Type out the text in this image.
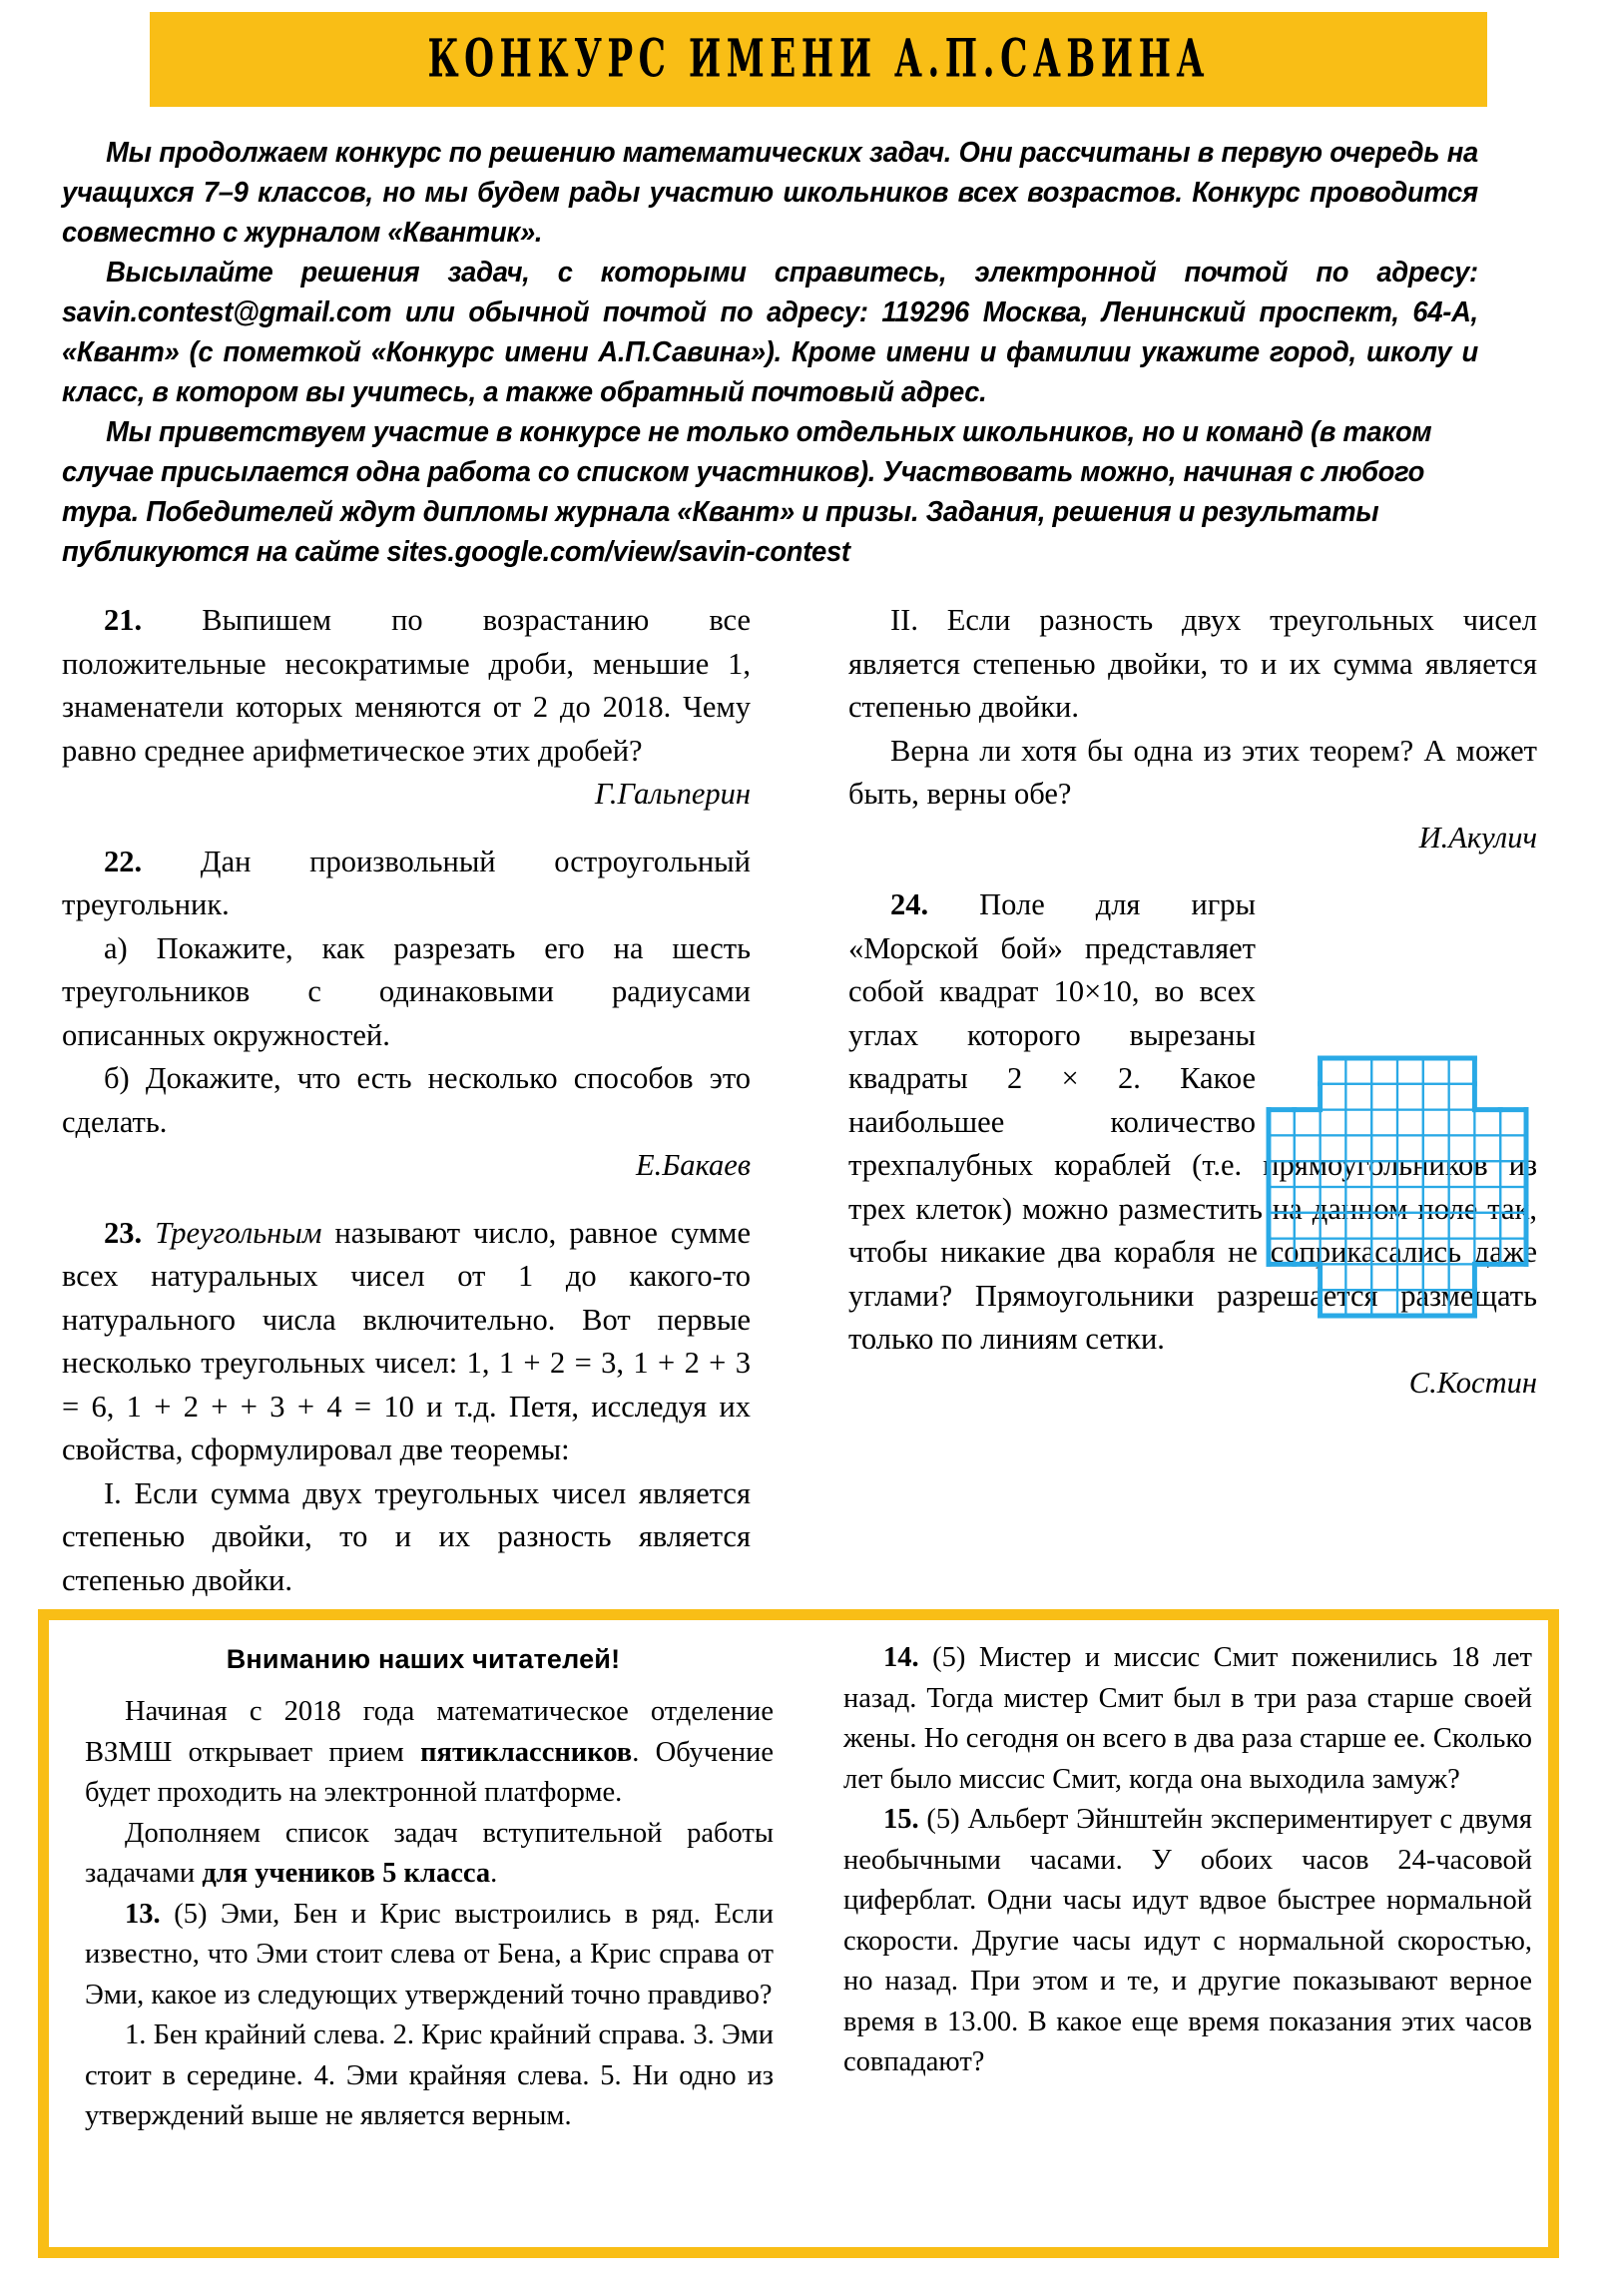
КОНКУРС ИМЕНИ А.П.САВИНА

Мы продолжаем конкурс по решению математических задач. Они рассчитаны в первую очередь на учащихся 7–9 классов, но мы будем рады участию школьников всех возрастов. Конкурс проводится совместно с журналом «Квантик».

Высылайте решения задач, с которыми справитесь, электронной почтой по адресу: savin.contest@gmail.com или обычной почтой по адресу: 119296 Москва, Ленинский проспект, 64-А, «Квант» (с пометкой «Конкурс имени А.П.Савина»). Кроме имени и фамилии укажите город, школу и класс, в котором вы учитесь, а также обратный почтовый адрес.

Мы приветствуем участие в конкурсе не только отдельных школьников, но и команд (в таком случае присылается одна работа со списком участников). Участвовать можно, начиная с любого тура. Победителей ждут дипломы журнала «Квант» и призы. Задания, решения и результаты публикуются на сайте sites.google.com/view/savin-contest

21. Выпишем по возрастанию все положительные несократимые дроби, меньшие 1, знаменатели которых меняются от 2 до 2018. Чему равно среднее арифметическое этих дробей?

Г.Гальперин

22. Дан произвольный остроугольный треугольник.

а) Покажите, как разрезать его на шесть треугольников с одинаковыми радиусами описанных окружностей.

б) Докажите, что есть несколько способов это сделать.

Е.Бакаев

23. Треугольным называют число, равное сумме всех натуральных чисел от 1 до какого-то натурального числа включительно. Вот первые несколько треугольных чисел: 1, 1 + 2 = 3, 1 + 2 + 3 = 6, 1 + 2 + + 3 + 4 = 10 и т.д. Петя, исследуя их свойства, сформулировал две теоремы:

I. Если сумма двух треугольных чисел является степенью двойки, то и их разность является степенью двойки.

II. Если разность двух треугольных чисел является степенью двойки, то и их сумма является степенью двойки.

Верна ли хотя бы одна из этих теорем? А может быть, верны обе?

И.Акулич

24. Поле для игры «Морской бой» представляет собой квадрат 10×10, во всех углах которого вырезаны квадраты 2 × 2. Какое наибольшее количество трехпалубных кораблей (т.е. прямоугольников из трех клеток) можно разместить на данном поле так, чтобы никакие два корабля не соприкасались даже углами? Прямоугольники разрешается размещать только по линиям сетки.

С.Костин

Вниманию наших читателей!

Начиная с 2018 года математическое отделение ВЗМШ открывает прием пятиклассников. Обучение будет проходить на электронной платформе.

Дополняем список задач вступительной работы задачами для учеников 5 класса.

13. (5) Эми, Бен и Крис выстроились в ряд. Если известно, что Эми стоит слева от Бена, а Крис справа от Эми, какое из следующих утверждений точно правдиво?

1. Бен крайний слева. 2. Крис крайний справа. 3. Эми стоит в середине. 4. Эми крайняя слева. 5. Ни одно из утверждений выше не является верным.

14. (5) Мистер и миссис Смит поженились 18 лет назад. Тогда мистер Смит был в три раза старше своей жены. Но сегодня он всего в два раза старше ее. Сколько лет было миссис Смит, когда она выходила замуж?

15. (5) Альберт Эйнштейн экспериментирует с двумя необычными часами. У обоих часов 24-часовой циферблат. Одни часы идут вдвое быстрее нормальной скорости. Другие часы идут с нормальной скоростью, но назад. При этом и те, и другие показывают верное время в 13.00. В какое еще время показания этих часов совпадают?
